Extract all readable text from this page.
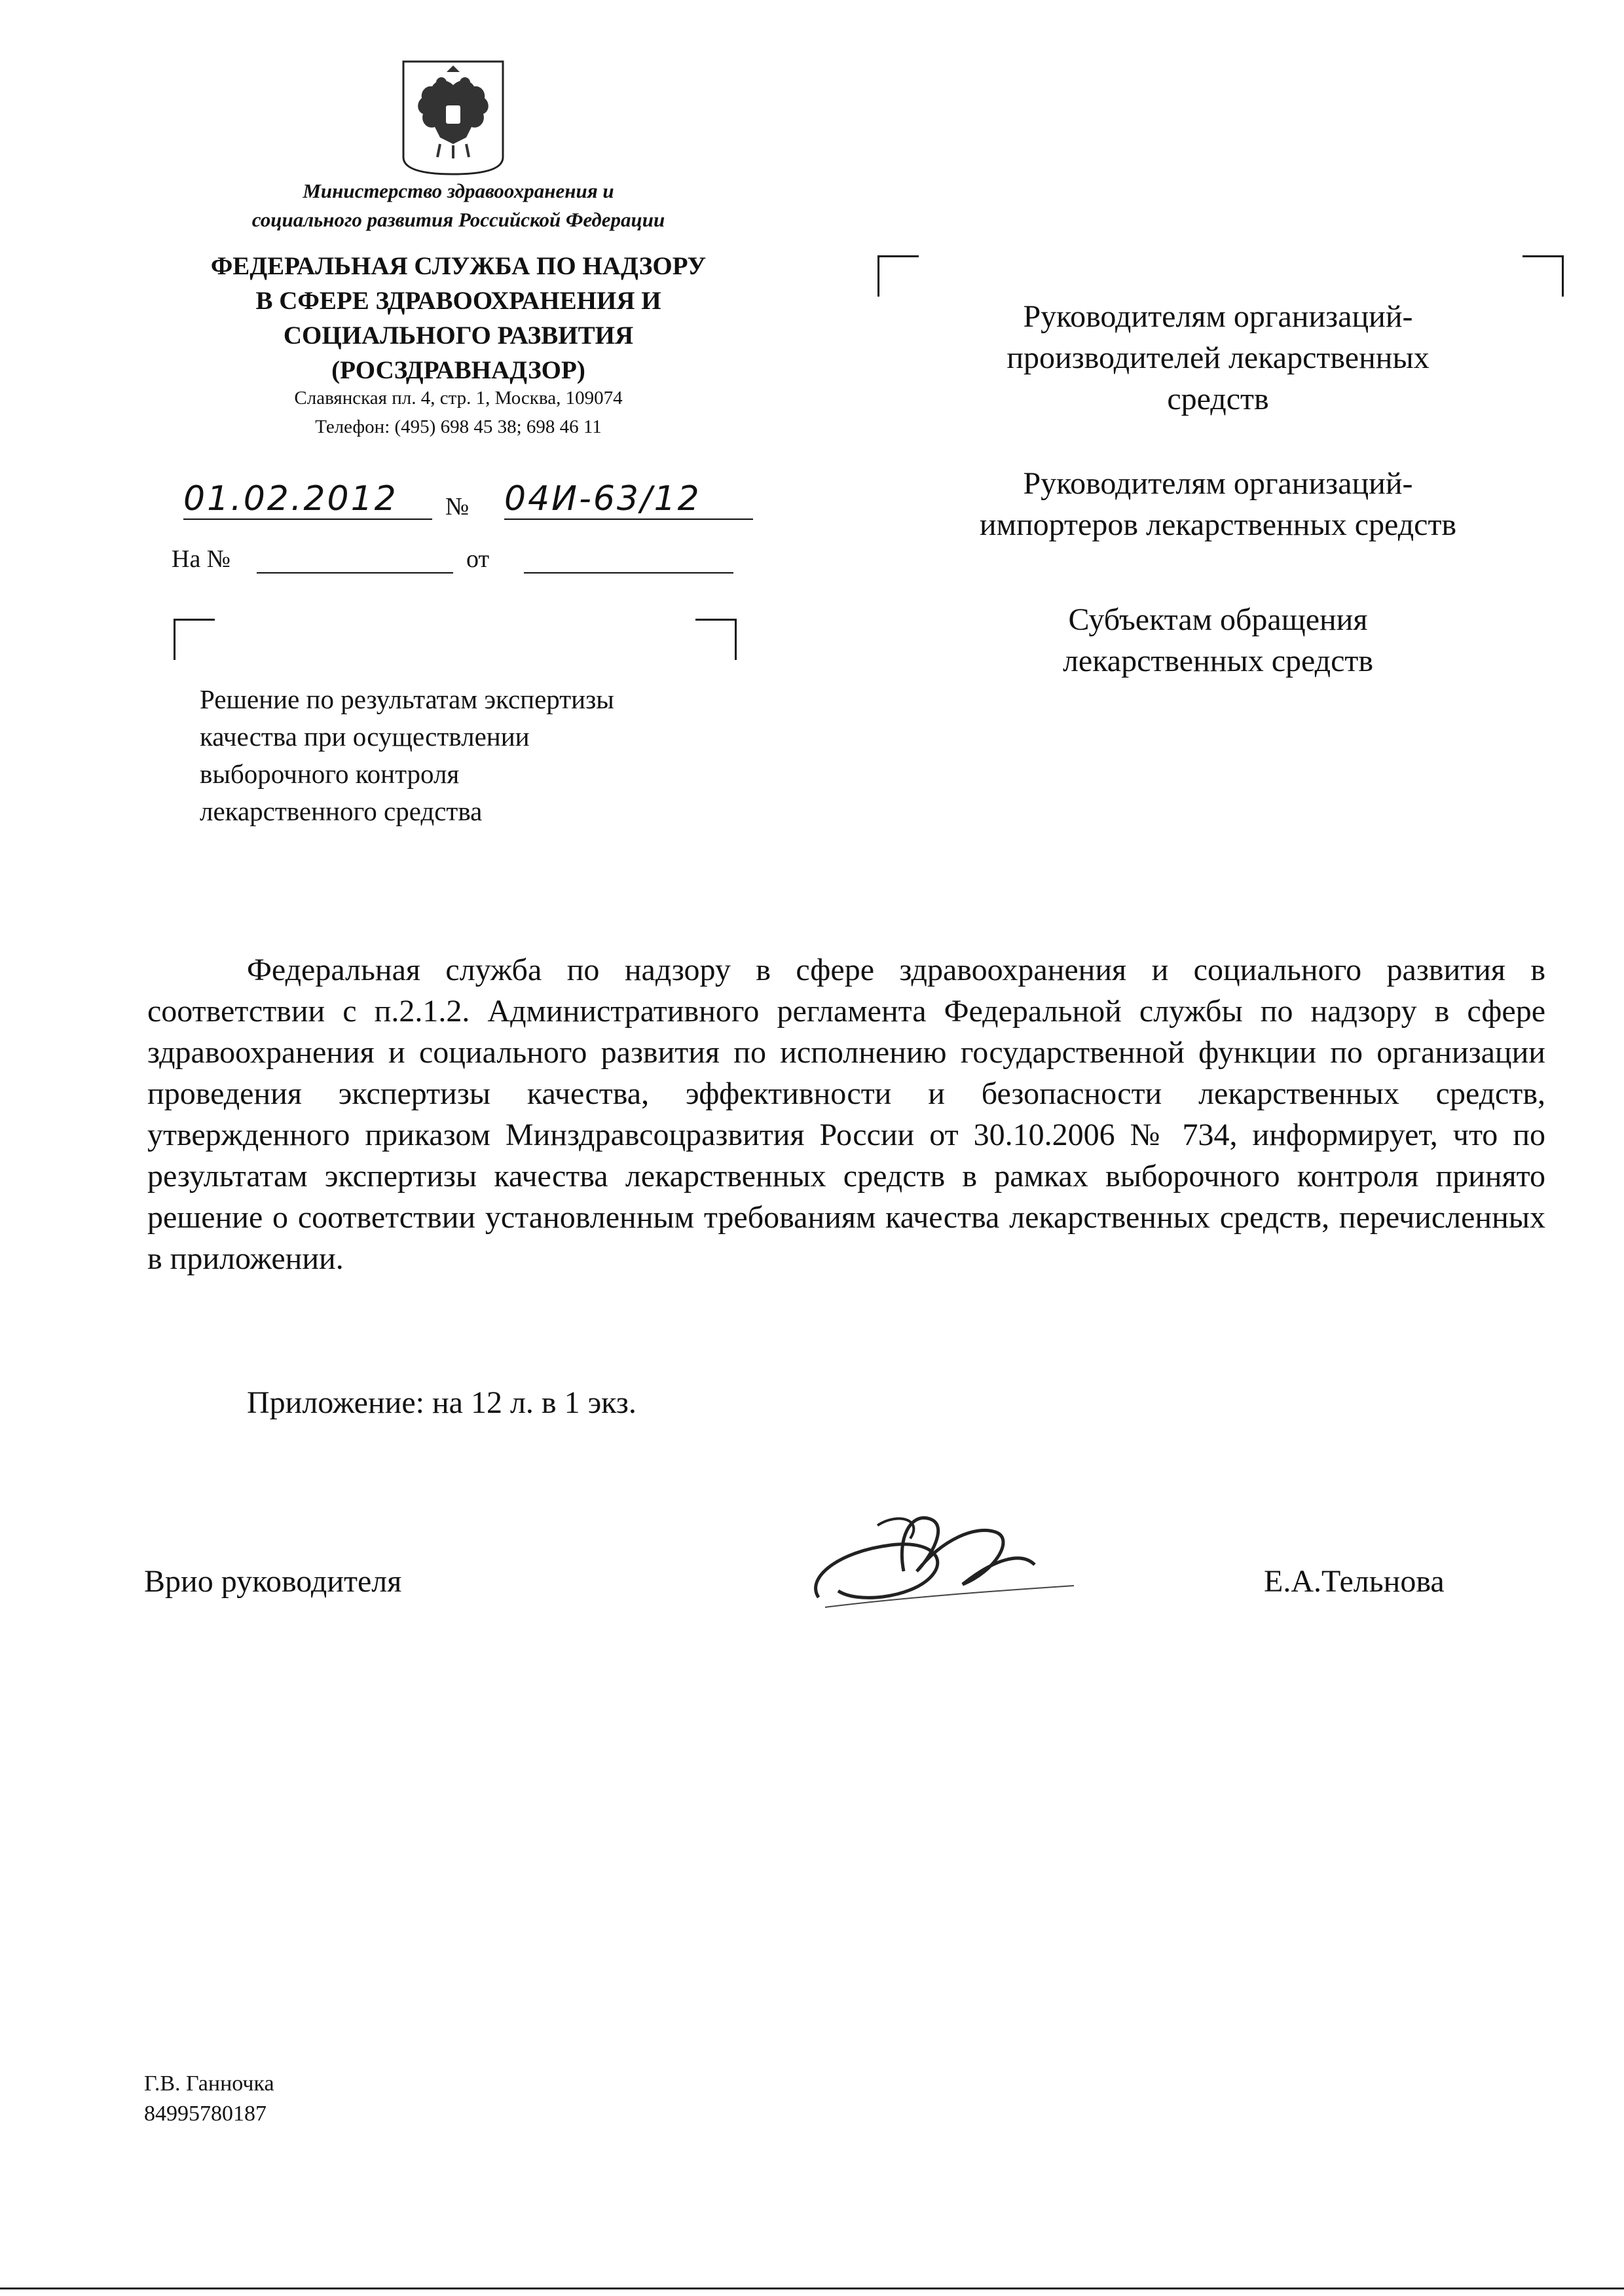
Министерство здравоохранения и
социального развития Российской Федерации
ФЕДЕРАЛЬНАЯ СЛУЖБА ПО НАДЗОРУ
В СФЕРЕ ЗДРАВООХРАНЕНИЯ И
СОЦИАЛЬНОГО РАЗВИТИЯ
(РОСЗДРАВНАДЗОР)
Славянская пл. 4, стр. 1, Москва, 109074
Телефон: (495) 698 45 38; 698 46 11
01.02.2012	№ 04И-63/12
На №	от
Решение по результатам экспертизы
качества при осуществлении
выборочного контроля
лекарственного средства
Руководителям организаций-
производителей лекарственных
средств
Руководителям организаций-
импортеров лекарственных средств
Субъектам обращения
лекарственных средств
Федеральная служба по надзору в сфере здравоохранения и социального развития в соответствии с п.2.1.2. Административного регламента Федеральной службы по надзору в сфере здравоохранения и социального развития по исполнению государственной функции по организации проведения экспертизы качества, эффективности и безопасности лекарственных средств, утвержденного приказом Минздравсоцразвития России от 30.10.2006 № 734, информирует, что по результатам экспертизы качества лекарственных средств в рамках выборочного контроля принято решение о соответствии установленным требованиям качества лекарственных средств, перечисленных в приложении.
Приложение: на 12 л. в 1 экз.
Врио руководителя	Е.А.Тельнова
Г.В. Ганночка
84995780187
